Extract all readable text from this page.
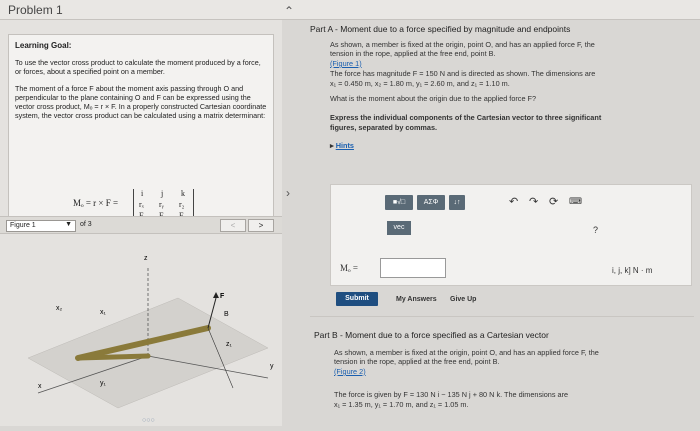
Problem 1
Learning Goal:

To use the vector cross product to calculate the moment produced by a force, or forces, about a specified point on a member.

The moment of a force F about the moment axis passing through O and perpendicular to the plane containing O and F can be expressed using the vector cross product, Mₒ = r × F. In a properly constructed Cartesian coordinate system, the vector cross product can be calculated using a matrix determinant:

Mₒ = r × F =
i j k
rₓ rᵧ r₂
Figure 1	▼ of 3	<	>
z
x₂
x₁
y₁
y
x
z₁
F
B
○○○
⌃
›
Part A - Moment due to a force specified by magnitude and endpoints
As shown, a member is fixed at the origin, point O, and has an applied force F, the
tension in the rope, applied at the free end, point B.
(Figure 1)
The force has magnitude F = 150 N and is directed as shown. The dimensions are
x₁ = 0.450 m, x₂ = 1.80 m, y₁ = 2.60 m, and z₁ = 1.10 m.
What is the moment about the origin due to the applied force F?
Express the individual components of the Cartesian vector to three significant
figures, separated by commas.
▸ Hints
■√□	AΣΦ	↓↑	↶ ↷ ⟳ ⌨
vec	?
Mₒ =	i, j, k] N · m
Submit	My Answers Give Up
Part B - Moment due to a force specified as a Cartesian vector
As shown, a member is fixed at the origin, point O, and has an applied force F, the
tension in the rope, applied at the free end, point B.
(Figure 2)
The force is given by F = 130 N i − 135 N j + 80 N k. The dimensions are
x₁ = 1.35 m, y₁ = 1.70 m, and z₁ = 1.05 m.
